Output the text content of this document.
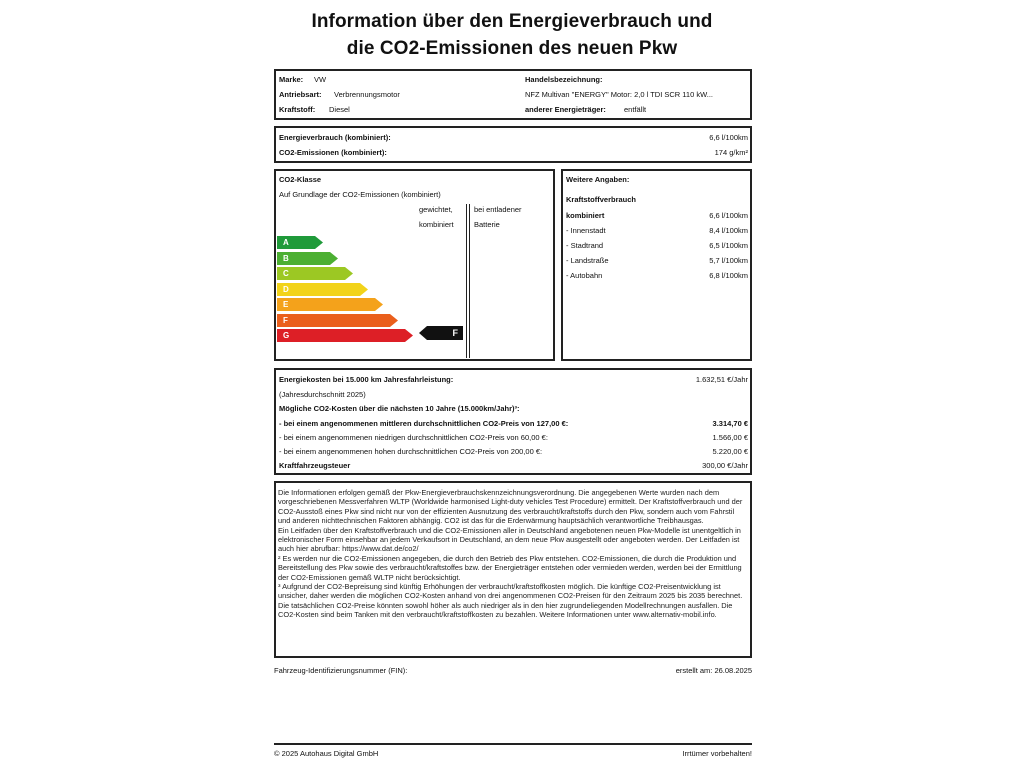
Information über den Energieverbrauch und
die CO2-Emissionen des neuen Pkw
Marke: VW
Antriebsart: Verbrennungsmotor
Kraftstoff: Diesel
Handelsbezeichnung:
NFZ Multivan "ENERGY" Motor: 2,0 l TDI SCR 110 kW...
anderer Energieträger: entfällt
Energieverbrauch (kombiniert):	6,6 l/100km
CO2-Emissionen (kombiniert):	174 g/km²
CO2-Klasse
Auf Grundlage der CO2-Emissionen (kombiniert)
gewichtet,
kombiniert
bei entladener
Batterie
A
B
C
D
E
F
G	F
Weitere Angaben:
Kraftstoffverbrauch
kombiniert	6,6 l/100km
- Innenstadt	8,4 l/100km
- Stadtrand	6,5 l/100km
- Landstraße	5,7 l/100km
- Autobahn	6,8 l/100km
Energiekosten bei 15.000 km Jahresfahrleistung:	1.632,51 €/Jahr
(Jahresdurchschnitt 2025)
Mögliche CO2-Kosten über die nächsten 10 Jahre (15.000km/Jahr)³:
- bei einem angenommenen mittleren durchschnittlichen CO2-Preis von 127,00 €:	3.314,70 €
- bei einem angenommenen niedrigen durchschnittlichen CO2-Preis von 60,00 €:	1.566,00 €
- bei einem angenommenen hohen durchschnittlichen CO2-Preis von 200,00 €:	5.220,00 €
Kraftfahrzeugsteuer	300,00 €/Jahr

Die Informationen erfolgen gemäß der Pkw-Energieverbrauchskennzeichnungsverordnung. Die angegebenen Werte wurden nach dem vorgeschriebenen Messverfahren WLTP (Worldwide harmonised Light-duty vehicles Test Procedure) ermittelt. Der Kraftstoffverbrauch und der CO2-Ausstoß eines Pkw sind nicht nur von der effizienten Ausnutzung des verbraucht/kraftstoffs durch den Pkw, sondern auch vom Fahrstil und anderen nichttechnischen Faktoren abhängig. CO2 ist das für die Erderwärmung hauptsächlich verantwortliche Treibhausgas.

Ein Leitfaden über den Kraftstoffverbrauch und die CO2-Emissionen aller in Deutschland angebotenen neuen Pkw-Modelle ist unentgeltlich in elektronischer Form einsehbar an jedem Verkaufsort in Deutschland, an dem neue Pkw ausgestellt oder angeboten werden. Der Leitfaden ist auch hier abrufbar: https://www.dat.de/co2/

² Es werden nur die CO2-Emissionen angegeben, die durch den Betrieb des Pkw entstehen. CO2-Emissionen, die durch die Produktion und Bereitstellung des Pkw sowie des verbraucht/kraftstoffes bzw. der Energieträger entstehen oder vermieden werden, werden bei der Ermittlung der CO2-Emissionen gemäß WLTP nicht berücksichtigt.

³ Aufgrund der CO2-Bepreisung sind künftig Erhöhungen der verbraucht/kraftstoffkosten möglich. Die künftige CO2-Preisentwicklung ist unsicher, daher werden die möglichen CO2-Kosten anhand von drei angenommenen CO2-Preisen für den Zeitraum 2025 bis 2035 berechnet. Die tatsächlichen CO2-Preise könnten sowohl höher als auch niedriger als in den hier zugrundeliegenden Modellrechnungen ausfallen. Die CO2-Kosten sind beim Tanken mit den verbraucht/kraftstoffkosten zu bezahlen. Weitere Informationen unter www.alternativ-mobil.info.

Fahrzeug-Identifizierungsnummer (FIN):	erstellt am: 26.08.2025
© 2025 Autohaus Digital GmbH	Irrtümer vorbehalten!
